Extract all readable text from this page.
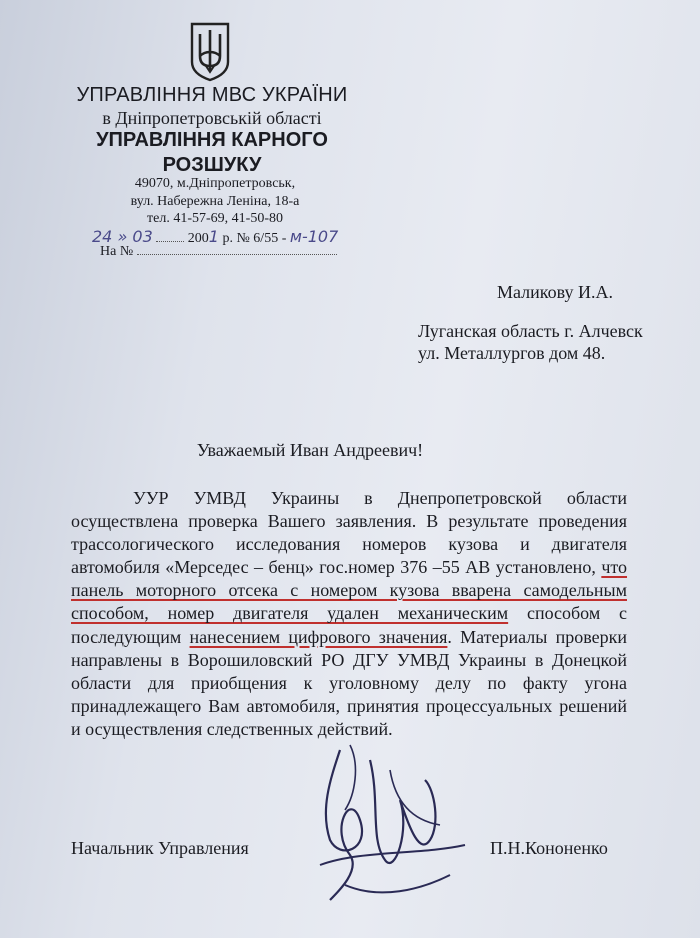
УПРАВЛІННЯ МВС УКРАЇНИ
в Дніпропетровській області
УПРАВЛІННЯ КАРНОГО
РОЗШУКУ
49070, м.Дніпропетровськ,
вул. Набережна Леніна, 18-а
тел. 41-57-69, 41-50-80
24 » 03	2001 р. № 6/55 - м-107
На №
Маликову И.А.
Луганская область г. Алчевск
ул. Металлургов дом 48.
Уважаемый Иван Андреевич!

УУР УМВД Украины в Днепропетровской области осуществлена проверка Вашего заявления. В результате проведения трассологического исследования номеров кузова и двигателя автомобиля «Мерседес – бенц» гос.номер 376 –55 АВ установлено, что панель моторного отсека с номером кузова вварена самодельным способом, номер двигателя удален механическим способом с последующим нанесением цифрового значения. Материалы проверки направлены в Ворошиловский РО ДГУ УМВД Украины в Донецкой области для приобщения к уголовному делу по факту угона принадлежащего Вам автомобиля, принятия процессуальных решений и осуществления следственных действий.

Начальник Управления	П.Н.Кононенко
